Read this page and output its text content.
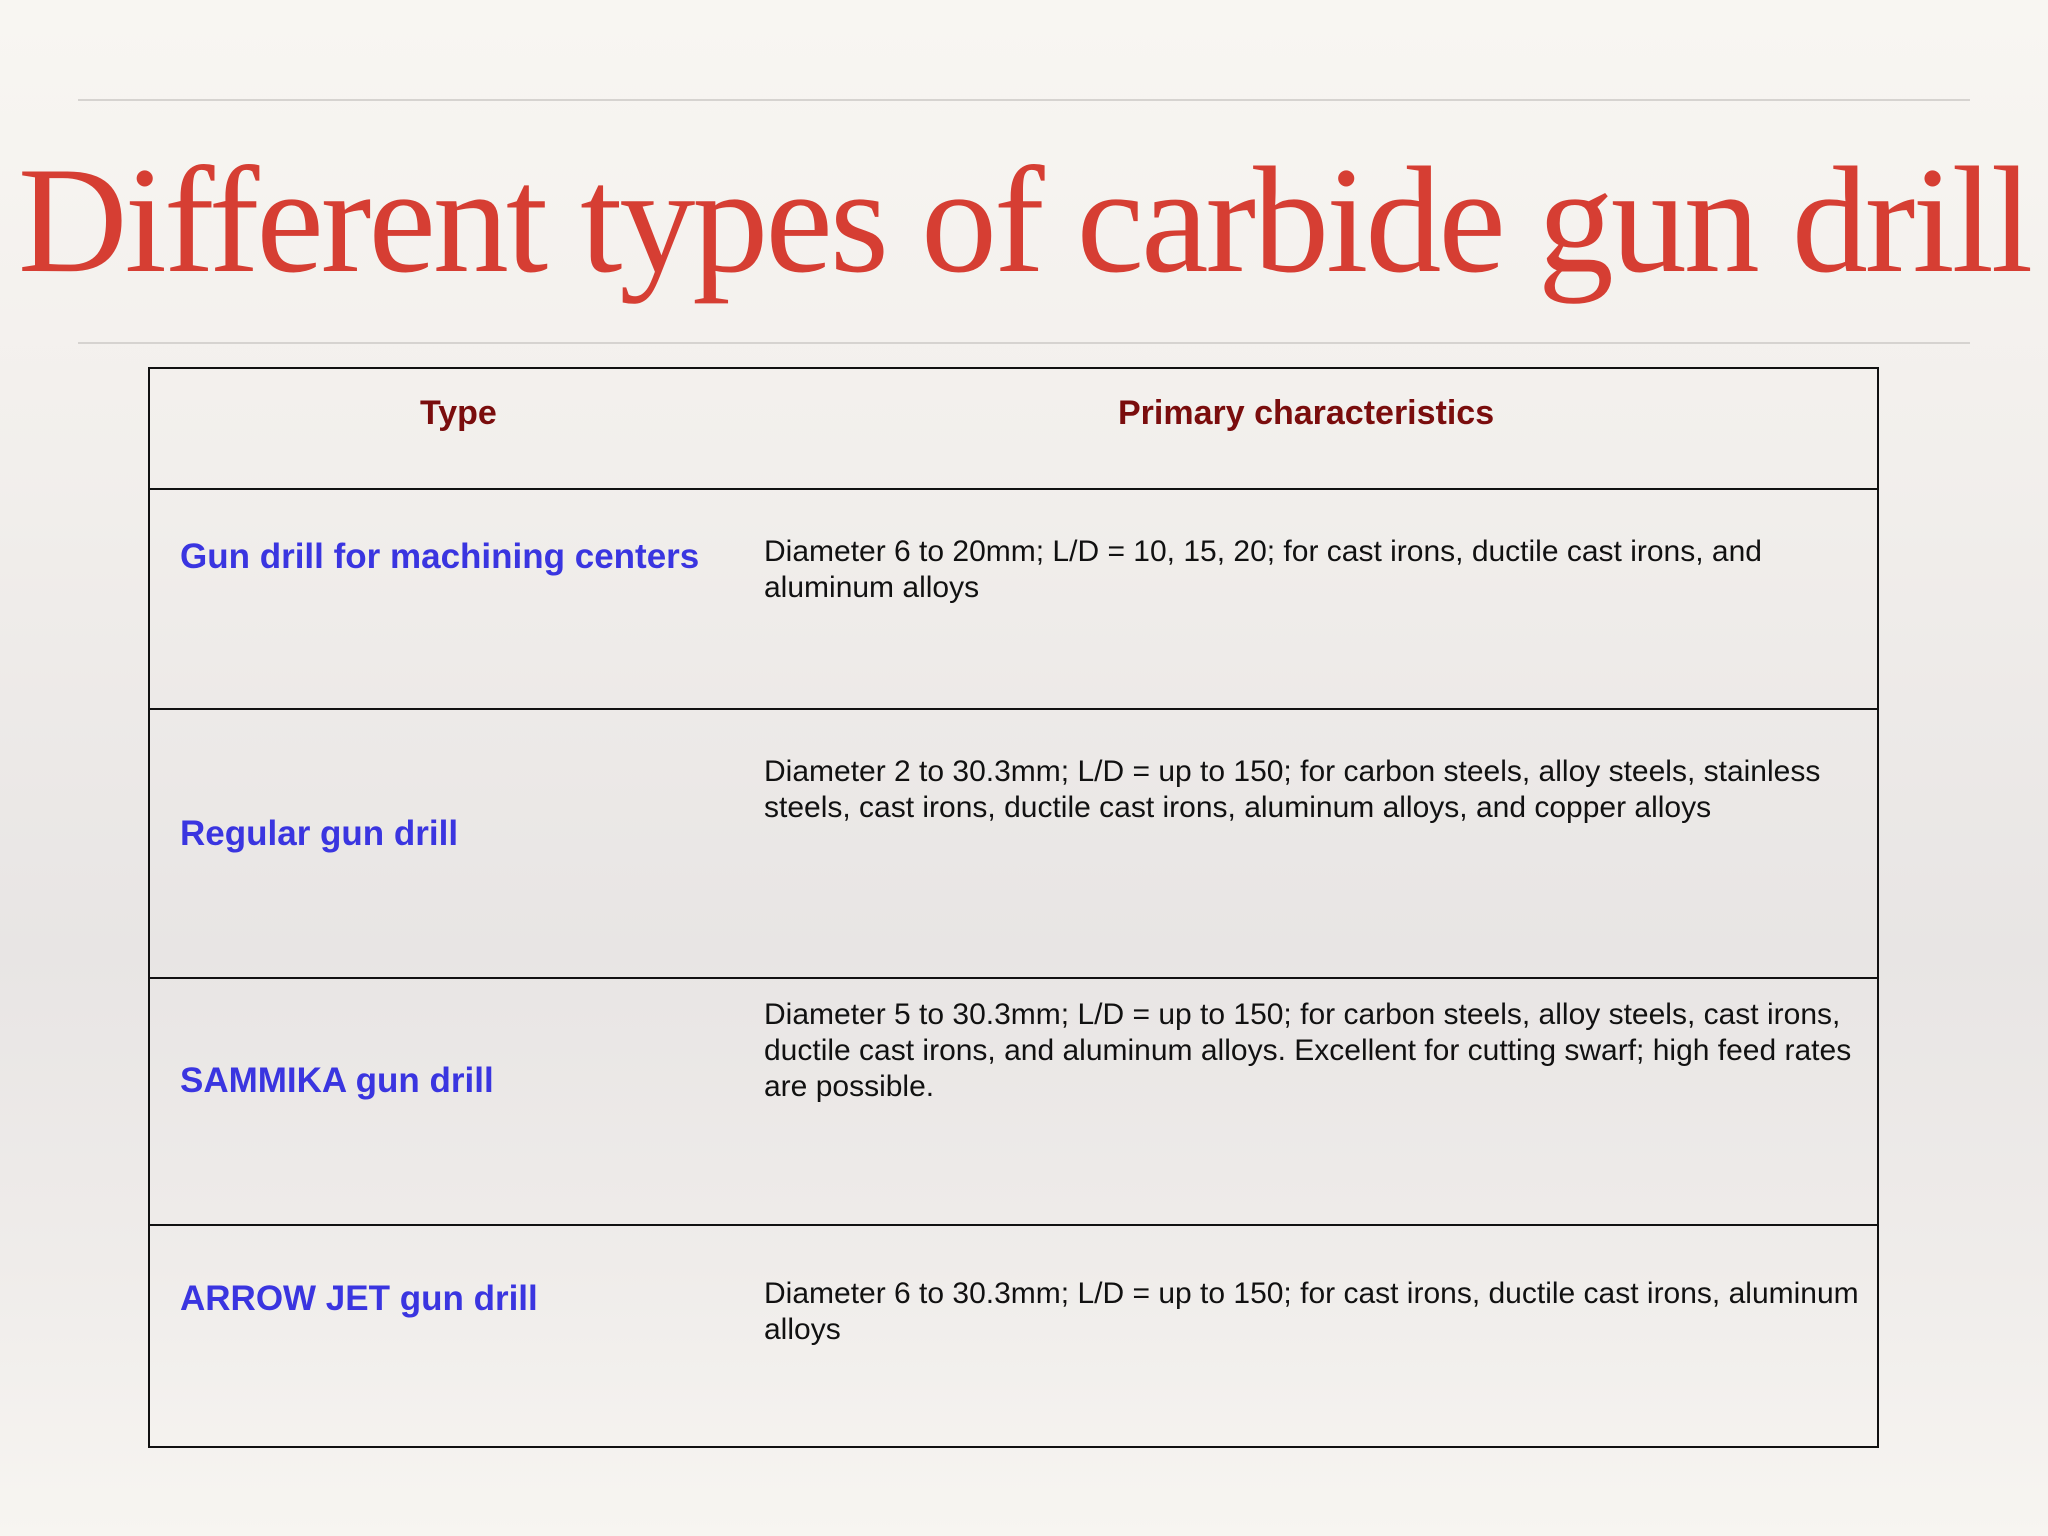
Different types of carbide gun drill
Type	Primary characteristics
Gun drill for machining centers Diameter 6 to 20mm; L/D = 10, 15, 20; for cast irons, ductile cast irons, and aluminum alloys
Regular gun drill
Diameter 2 to 30.3mm; L/D = up to 150; for carbon steels, alloy steels, stainless steels, cast irons, ductile cast irons, aluminum alloys, and copper alloys
SAMMIKA gun drill
Diameter 5 to 30.3mm; L/D = up to 150; for carbon steels, alloy steels, cast irons, ductile cast irons, and aluminum alloys. Excellent for cutting swarf; high feed rates are possible.
ARROW JET gun drill	Diameter 6 to 30.3mm; L/D = up to 150; for cast irons, ductile cast irons, aluminum alloys
